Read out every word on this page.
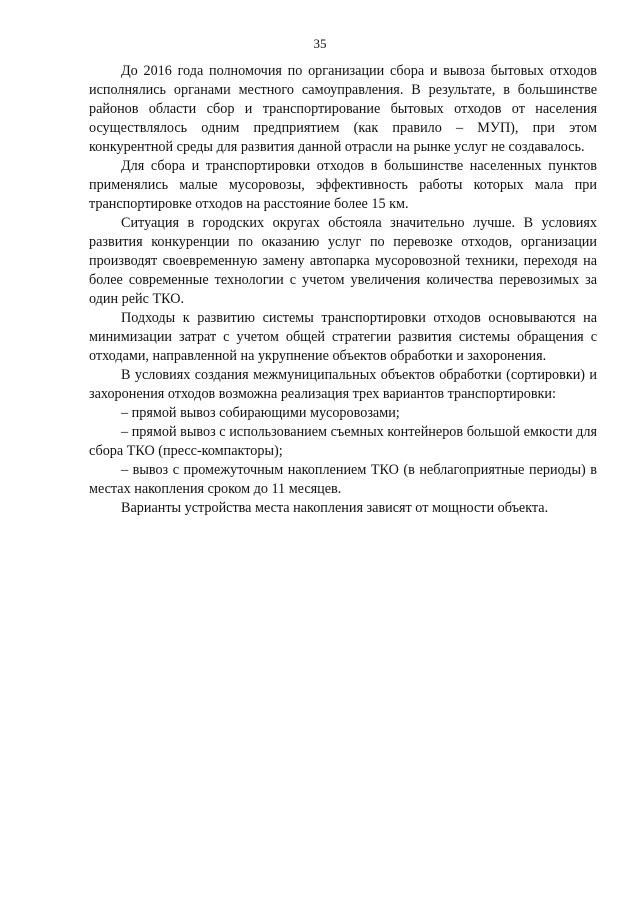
35

До 2016 года полномочия по организации сбора и вывоза бытовых отходов исполнялись органами местного самоуправления. В результате, в большинстве районов области сбор и транспортирование бытовых отходов от населения осуществлялось одним предприятием (как правило – МУП), при этом конкурентной среды для развития данной отрасли на рынке услуг не создавалось.

Для сбора и транспортировки отходов в большинстве населенных пунктов применялись малые мусоровозы, эффективность работы которых мала при транспортировке отходов на расстояние более 15 км.

Ситуация в городских округах обстояла значительно лучше. В условиях развития конкуренции по оказанию услуг по перевозке отходов, организации производят своевременную замену автопарка мусоровозной техники, переходя на более современные технологии с учетом увеличения количества перевозимых за один рейс ТКО.

Подходы к развитию системы транспортировки отходов основываются на минимизации затрат с учетом общей стратегии развития системы обращения с отходами, направленной на укрупнение объектов обработки и захоронения.

В условиях создания межмуниципальных объектов обработки (сортировки) и захоронения отходов возможна реализация трех вариантов транспортировки:

– прямой вывоз собирающими мусоровозами;

– прямой вывоз с использованием съемных контейнеров большой емкости для сбора ТКО (пресс-компакторы);

– вывоз с промежуточным накоплением ТКО (в неблагоприятные периоды) в местах накопления сроком до 11 месяцев.

Варианты устройства места накопления зависят от мощности объекта.
